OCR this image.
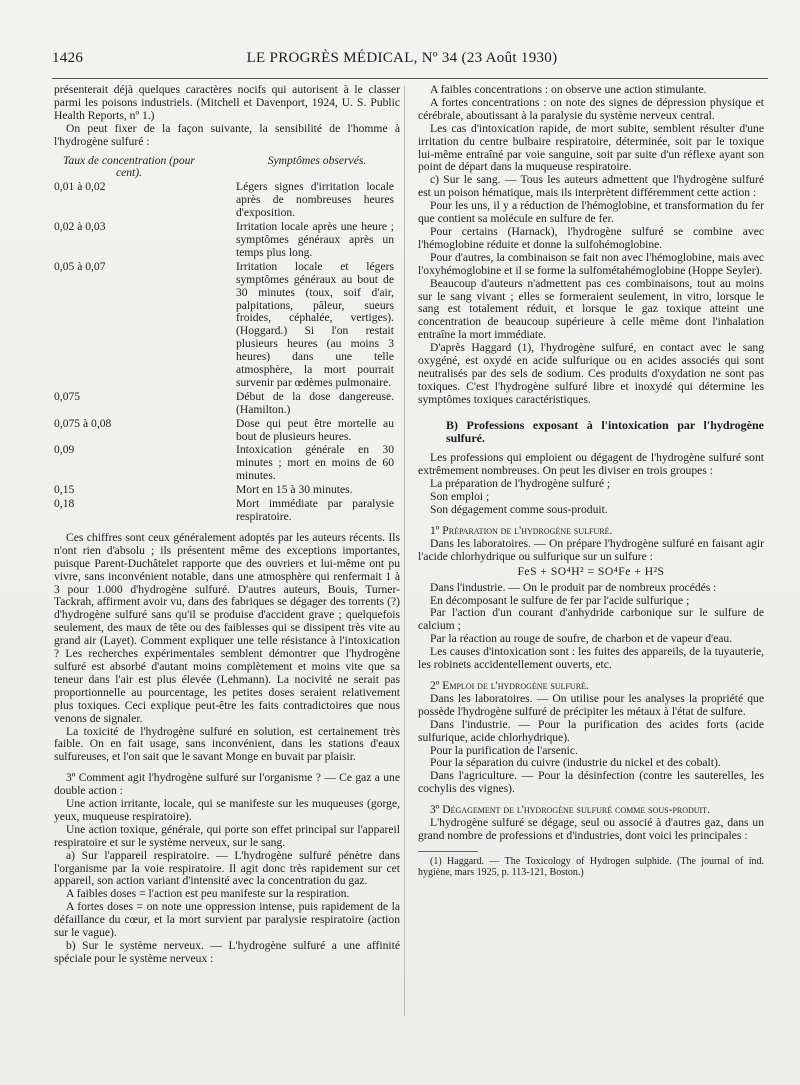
1426	LE PROGRÈS MÉDICAL, Nº 34 (23 Août 1930)

présenterait déjà quelques caractères nocifs qui autorisent à le classer parmi les poisons industriels. (Mitchell et Davenport, 1924, U. S. Public Health Reports, nº 1.)

On peut fixer de la façon suivante, la sensibilité de l'homme à l'hydrogène sulfuré :

Taux de concentration (pour cent).
Symptômes observés.
0,01 à 0,02	Légers signes d'irritation locale après de nombreuses heures d'exposition.
0,02 à 0,03	Irritation locale après une heure ; symptômes généraux après un temps plus long.
0,05 à 0,07	Irritation locale et légers symptômes généraux au bout de 30 minutes (toux, soif d'air, palpitations, pâleur, sueurs froides, céphalée, vertiges). (Hoggard.) Si l'on restait plusieurs heures (au moins 3 heures) dans une telle atmosphère, la mort pourrait survenir par œdèmes pulmonaire.
0,075	Début de la dose dangereuse. (Hamilton.)
0,075 à 0,08	Dose qui peut être mortelle au bout de plusieurs heures.
0,09	Intoxication générale en 30 minutes ; mort en moins de 60 minutes.
0,15	Mort en 15 à 30 minutes.
0,18	Mort immédiate par paralysie respiratoire.

Ces chiffres sont ceux généralement adoptés par les auteurs récents. Ils n'ont rien d'absolu ; ils présentent même des exceptions importantes, puisque Parent-Duchâtelet rapporte que des ouvriers et lui-même ont pu vivre, sans inconvénient notable, dans une atmosphère qui renfermait 1 à 3 pour 1.000 d'hydrogène sulfuré. D'autres auteurs, Bouis, Turner-Tackrah, affirment avoir vu, dans des fabriques se dégager des torrents (?) d'hydrogène sulfuré sans qu'il se produise d'accident grave ; quelquefois seulement, des maux de tête ou des faiblesses qui se dissipent très vite au grand air (Layet). Comment expliquer une telle résistance à l'intoxication ? Les recherches expérimentales semblent démontrer que l'hydrogène sulfuré est absorbé d'autant moins complètement et moins vite que sa teneur dans l'air est plus élevée (Lehmann). La nocivité ne serait pas proportionnelle au pourcentage, les petites doses seraient relativement plus toxiques. Ceci explique peut-être les faits contradictoires que nous venons de signaler.

La toxicité de l'hydrogène sulfuré en solution, est certainement très faible. On en fait usage, sans inconvénient, dans les stations d'eaux sulfureuses, et l'on sait que le savant Monge en buvait par plaisir.

3º Comment agit l'hydrogène sulfuré sur l'organisme ? — Ce gaz a une double action :

Une action irritante, locale, qui se manifeste sur les muqueuses (gorge, yeux, muqueuse respiratoire).

Une action toxique, générale, qui porte son effet principal sur l'appareil respiratoire et sur le système nerveux, sur le sang.

a) Sur l'appareil respiratoire. — L'hydrogène sulfuré pénètre dans l'organisme par la voie respiratoire. Il agit donc très rapidement sur cet appareil, son action variant d'intensité avec la concentration du gaz.

A faibles doses = l'action est peu manifeste sur la respiration.

A fortes doses = on note une oppression intense, puis rapidement de la défaillance du cœur, et la mort survient par paralysie respiratoire (action sur le vague).

b) Sur le système nerveux. — L'hydrogène sulfuré a une affinité spéciale pour le système nerveux :

A faibles concentrations : on observe une action stimulante.

A fortes concentrations : on note des signes de dépression physique et cérébrale, aboutissant à la paralysie du système nerveux central.

Les cas d'intoxication rapide, de mort subite, semblent résulter d'une irritation du centre bulbaire respiratoire, déterminée, soit par le toxique lui-même entraîné par voie sanguine, soit par suite d'un réflexe ayant son point de départ dans la muqueuse respiratoire.

c) Sur le sang. — Tous les auteurs admettent que l'hydrogène sulfuré est un poison hématique, mais ils interprètent différemment cette action :

Pour les uns, il y a réduction de l'hémoglobine, et transformation du fer que contient sa molécule en sulfure de fer.

Pour certains (Harnack), l'hydrogène sulfuré se combine avec l'hémoglobine réduite et donne la sulfohémoglobine.

Pour d'autres, la combinaison se fait non avec l'hémoglobine, mais avec l'oxyhémoglobine et il se forme la sulfométahémoglobine (Hoppe Seyler).

Beaucoup d'auteurs n'admettent pas ces combinaisons, tout au moins sur le sang vivant ; elles se formeraient seulement, in vitro, lorsque le sang est totalement réduit, et lorsque le gaz toxique atteint une concentration de beaucoup supérieure à celle même dont l'inhalation entraîne la mort immédiate.

D'après Haggard (1), l'hydrogène sulfuré, en contact avec le sang oxygéné, est oxydé en acide sulfurique ou en acides associés qui sont neutralisés par des sels de sodium. Ces produits d'oxydation ne sont pas toxiques. C'est l'hydrogène sulfuré libre et inoxydé qui détermine les symptômes toxiques caractéristiques.

B) Professions exposant à l'intoxication par l'hydrogène sulfuré.

Les professions qui emploient ou dégagent de l'hydrogène sulfuré sont extrêmement nombreuses. On peut les diviser en trois groupes :

La préparation de l'hydrogène sulfuré ;

Son emploi ;

Son dégagement comme sous-produit.

1º Préparation de l'hydrogène sulfuré.

Dans les laboratoires. — On prépare l'hydrogène sulfuré en faisant agir l'acide chlorhydrique ou sulfurique sur un sulfure :

FeS + SO⁴H² = SO⁴Fe + H²S

Dans l'industrie. — On le produit par de nombreux procédés :

En décomposant le sulfure de fer par l'acide sulfurique ;

Par l'action d'un courant d'anhydride carbonique sur le sulfure de calcium ;

Par la réaction au rouge de soufre, de charbon et de vapeur d'eau.

Les causes d'intoxication sont : les fuites des appareils, de la tuyauterie, les robinets accidentellement ouverts, etc.

2º Emploi de l'hydrogène sulfuré.

Dans les laboratoires. — On utilise pour les analyses la propriété que possède l'hydrogène sulfuré de précipiter les métaux à l'état de sulfure.

Dans l'industrie. — Pour la purification des acides forts (acide sulfurique, acide chlorhydrique).

Pour la purification de l'arsenic.

Pour la séparation du cuivre (industrie du nickel et des cobalt).

Dans l'agriculture. — Pour la désinfection (contre les sauterelles, les cochylis des vignes).

3º Dégagement de l'hydrogène sulfuré comme sous-produit.

L'hydrogène sulfuré se dégage, seul ou associé à d'autres gaz, dans un grand nombre de professions et d'industries, dont voici les principales :

(1) Haggard. — The Toxicology of Hydrogen sulphide. (The journal of ind. hygiène, mars 1925, p. 113-121, Boston.)
